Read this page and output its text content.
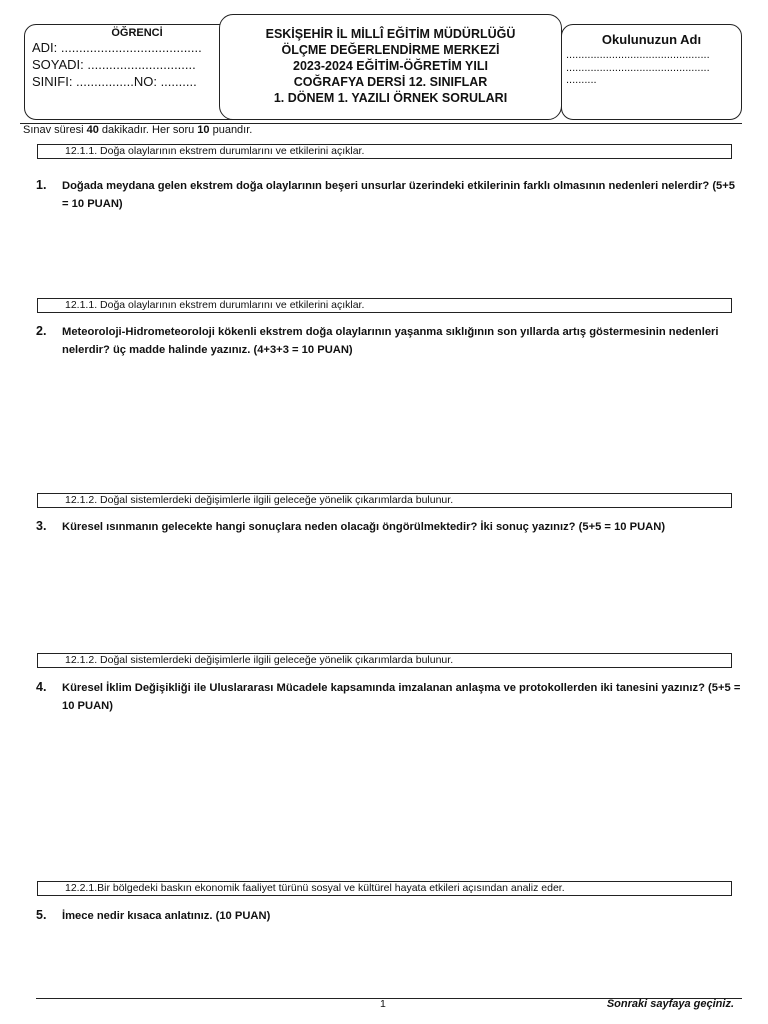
ÖĞRENCİ
ADI: .......................................
SOYADI: ..............................
SINIFI: ................NO: ..........
ESKİŞEHİR İL MİLLÎ EĞİTİM MÜDÜRLÜĞÜ
ÖLÇME DEĞERLENDİRME MERKEZİ
2023-2024 EĞİTİM-ÖĞRETİM YILI
COĞRAFYA DERSİ 12. SINIFLAR
1. DÖNEM 1. YAZILI ÖRNEK SORULARI
Okulunuzun Adı
...............................................
...............................................
..........
Sınav süresi 40 dakikadır. Her soru 10 puandır.
12.1.1. Doğa olaylarının ekstrem durumlarını ve etkilerini açıklar.
1. Doğada meydana gelen ekstrem doğa olaylarının beşeri unsurlar üzerindeki etkilerinin farklı olmasının nedenleri nelerdir? (5+5 = 10 PUAN)
12.1.1. Doğa olaylarının ekstrem durumlarını ve etkilerini açıklar.
2. Meteoroloji-Hidrometeoroloji kökenli ekstrem doğa olaylarının yaşanma sıklığının son yıllarda artış göstermesinin nedenleri nelerdir? üç madde halinde yazınız. (4+3+3 = 10 PUAN)
12.1.2. Doğal sistemlerdeki değişimlerle ilgili geleceğe yönelik çıkarımlarda bulunur.
3. Küresel ısınmanın gelecekte hangi sonuçlara neden olacağı öngörülmektedir? İki sonuç yazınız? (5+5 = 10 PUAN)
12.1.2. Doğal sistemlerdeki değişimlerle ilgili geleceğe yönelik çıkarımlarda bulunur.
4. Küresel İklim Değişikliği ile Uluslararası Mücadele kapsamında imzalanan anlaşma ve protokollerden iki tanesini yazınız? (5+5 = 10 PUAN)
12.2.1.Bir bölgedeki baskın ekonomik faaliyet türünü sosyal ve kültürel hayata etkileri açısından analiz eder.
5. İmece nedir kısaca anlatınız. (10 PUAN)
1	Sonraki sayfaya geçiniz.
